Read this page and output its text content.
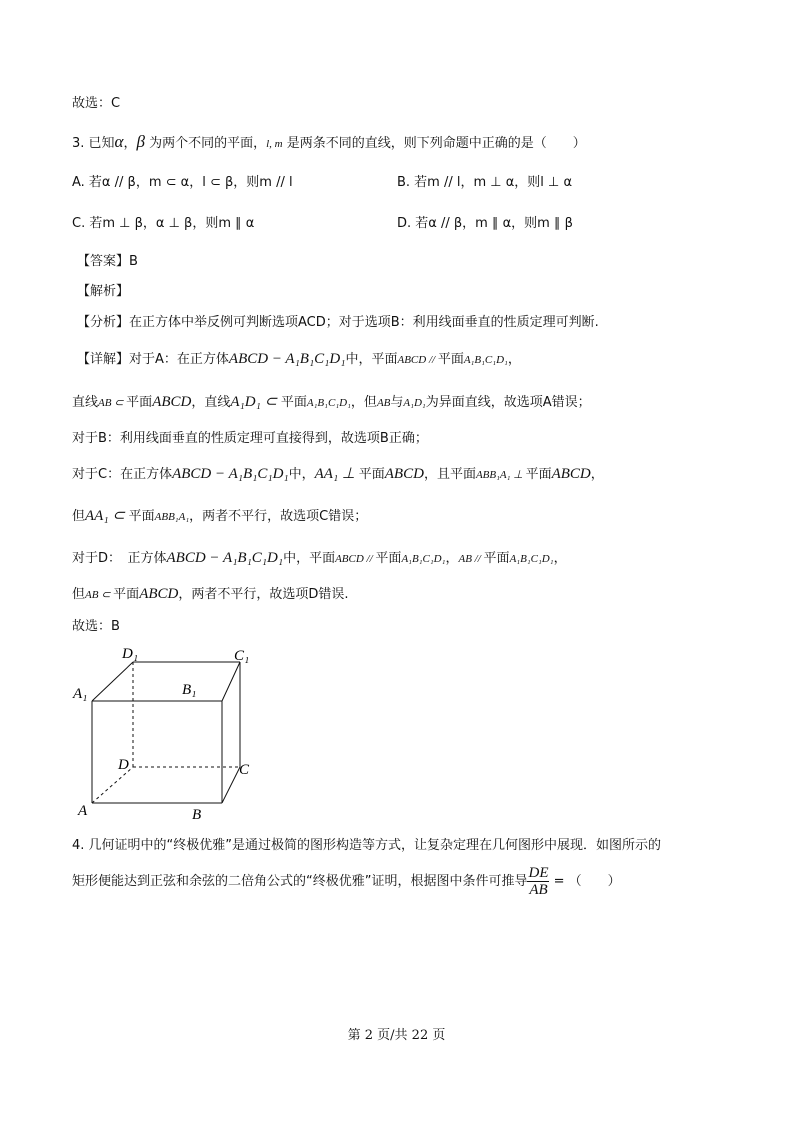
故选：C
3. 已知α，β 为两个不同的平面，l, m 是两条不同的直线，则下列命题中正确的是（　　）
A. 若α // β，m ⊂ α，l ⊂ β，则m // l	B. 若m // l，m ⊥ α，则l ⊥ α
C. 若m ⊥ β，α ⊥ β，则m ∥ α	D. 若α // β，m ∥ α，则m ∥ β
【答案】B
【解析】
【分析】在正方体中举反例可判断选项ACD；对于选项B：利用线面垂直的性质定理可判断.
【详解】对于A：在正方体ABCD − A₁B₁C₁D₁中，平面ABCD // 平面A₁B₁C₁D₁，
直线AB ⊂ 平面ABCD，直线A₁D₁ ⊂ 平面A₁B₁C₁D₁，但AB与A₁D₁为异面直线，故选项A错误；
对于B：利用线面垂直的性质定理可直接得到，故选项B正确；
对于C：在正方体ABCD − A₁B₁C₁D₁中，AA₁ ⊥ 平面ABCD，且平面ABB₁A₁ ⊥ 平面ABCD，
但AA₁ ⊂ 平面ABB₁A₁，两者不平行，故选项C错误；
对于D：　正方体ABCD − A₁B₁C₁D₁中，平面ABCD // 平面A₁B₁C₁D₁，AB // 平面A₁B₁C₁D₁，
但AB ⊂ 平面ABCD，两者不平行，故选项D错误.
故选：B
D₁	C₁
A₁	B₁
D	C
A	B
4. 几何证明中的“终极优雅”是通过极简的图形构造等方式，让复杂定理在几何图形中展现．如图所示的
矩形便能达到正弦和余弦的二倍角公式的“终极优雅”证明，根据图中条件可推导 $\frac{DE}{AB}$ = （　　）
第 2 页/共 22 页
